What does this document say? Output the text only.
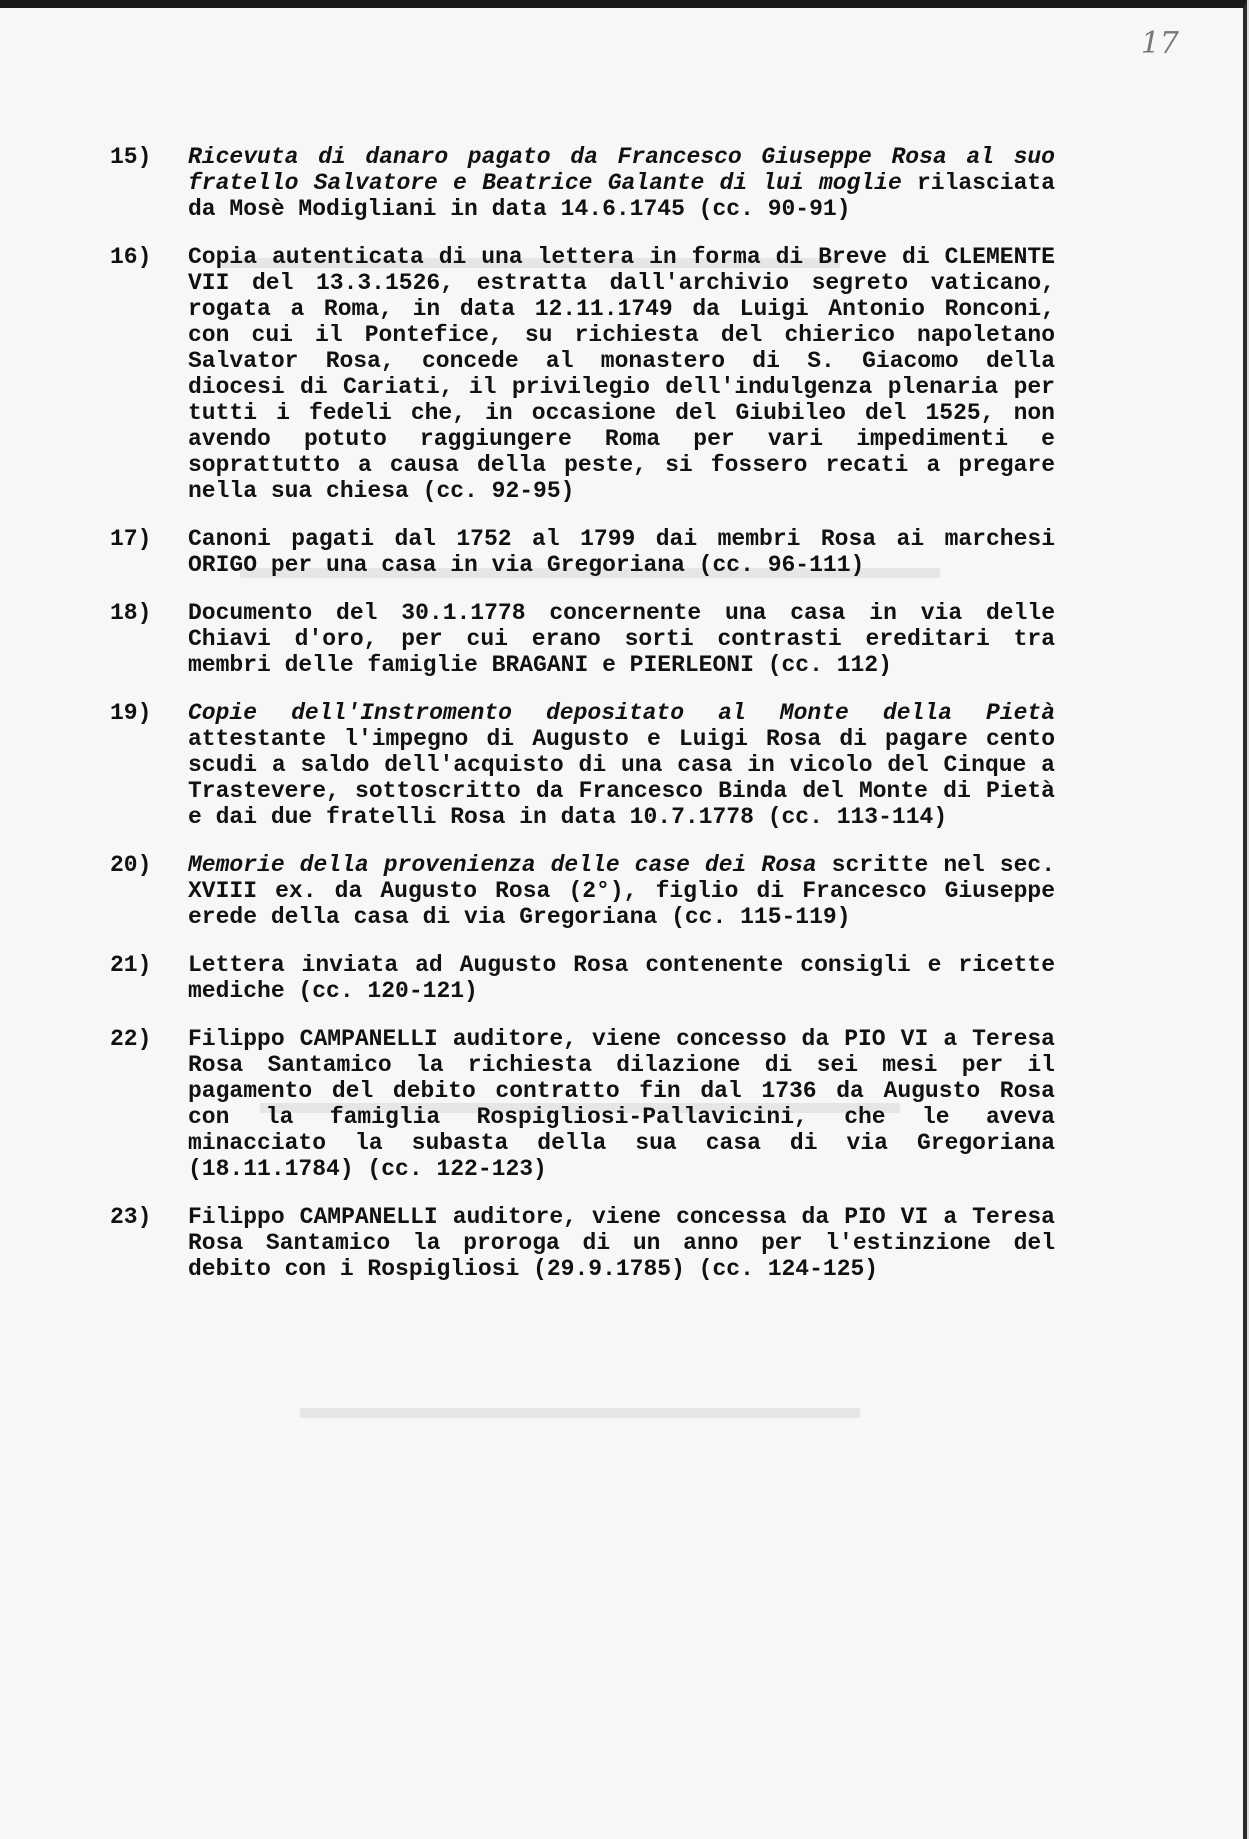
17
15) Ricevuta di danaro pagato da Francesco Giuseppe Rosa al suo fratello Salvatore e Beatrice Galante di lui moglie rilasciata da Mosè Modigliani in data 14.6.1745 (cc. 90-91)
16) Copia autenticata di una lettera in forma di Breve di CLEMENTE VII del 13.3.1526, estratta dall'archivio segreto vaticano, rogata a Roma, in data 12.11.1749 da Luigi Antonio Ronconi, con cui il Pontefice, su richiesta del chierico napoletano Salvator Rosa, concede al monastero di S. Giacomo della diocesi di Cariati, il privilegio dell'indulgenza plenaria per tutti i fedeli che, in occasione del Giubileo del 1525, non avendo potuto raggiungere Roma per vari impedimenti e soprattutto a causa della peste, si fossero recati a pregare nella sua chiesa (cc. 92-95)
17) Canoni pagati dal 1752 al 1799 dai membri Rosa ai marchesi ORIGO per una casa in via Gregoriana (cc. 96-111)
18) Documento del 30.1.1778 concernente una casa in via delle Chiavi d'oro, per cui erano sorti contrasti ereditari tra membri delle famiglie BRAGANI e PIERLEONI (cc. 112)
19) Copie dell'Instromento depositato al Monte della Pietà attestante l'impegno di Augusto e Luigi Rosa di pagare cento scudi a saldo dell'acquisto di una casa in vicolo del Cinque a Trastevere, sottoscritto da Francesco Binda del Monte di Pietà e dai due fratelli Rosa in data 10.7.1778 (cc. 113-114)
20) Memorie della provenienza delle case dei Rosa scritte nel sec. XVIII ex. da Augusto Rosa (2°), figlio di Francesco Giuseppe erede della casa di via Gregoriana (cc. 115-119)
21) Lettera inviata ad Augusto Rosa contenente consigli e ricette mediche (cc. 120-121)
22) Filippo CAMPANELLI auditore, viene concesso da PIO VI a Teresa Rosa Santamico la richiesta dilazione di sei mesi per il pagamento del debito contratto fin dal 1736 da Augusto Rosa con la famiglia Rospigliosi-Pallavicini, che le aveva minacciato la subasta della sua casa di via Gregoriana (18.11.1784) (cc. 122-123)
23) Filippo CAMPANELLI auditore, viene concessa da PIO VI a Teresa Rosa Santamico la proroga di un anno per l'estinzione del debito con i Rospigliosi (29.9.1785) (cc. 124-125)
